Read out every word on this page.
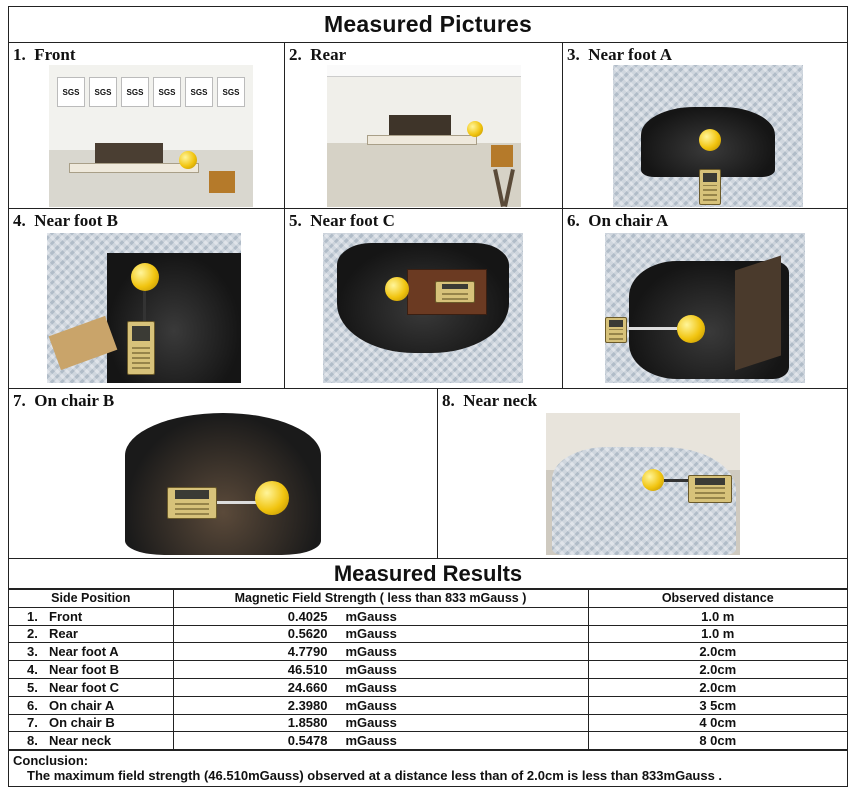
Measured Pictures
1. Front
SGS	SGS	SGS	SGS	SGS	SGS
2. Rear	3. Near foot A
4. Near foot B	5. Near foot C	6. On chair A
7. On chair B	8. Near neck
Measured Results
Side Position	Magnetic Field Strength ( less than 833 mGauss )	Observed distance
1. Front	0.4025 mGauss	1.0 m
2. Rear	0.5620 mGauss	1.0 m
3. Near foot A	4.7790 mGauss	2.0cm
4. Near foot B	46.510 mGauss	2.0cm
5. Near foot C	24.660 mGauss	2.0cm
6. On chair A	2.3980 mGauss	3 5cm
7. On chair B	1.8580 mGauss	4 0cm
8. Near neck	0.5478 mGauss	8 0cm
Conclusion:
The maximum field strength (46.510mGauss) observed at a distance less than of 2.0cm is less than 833mGauss .
